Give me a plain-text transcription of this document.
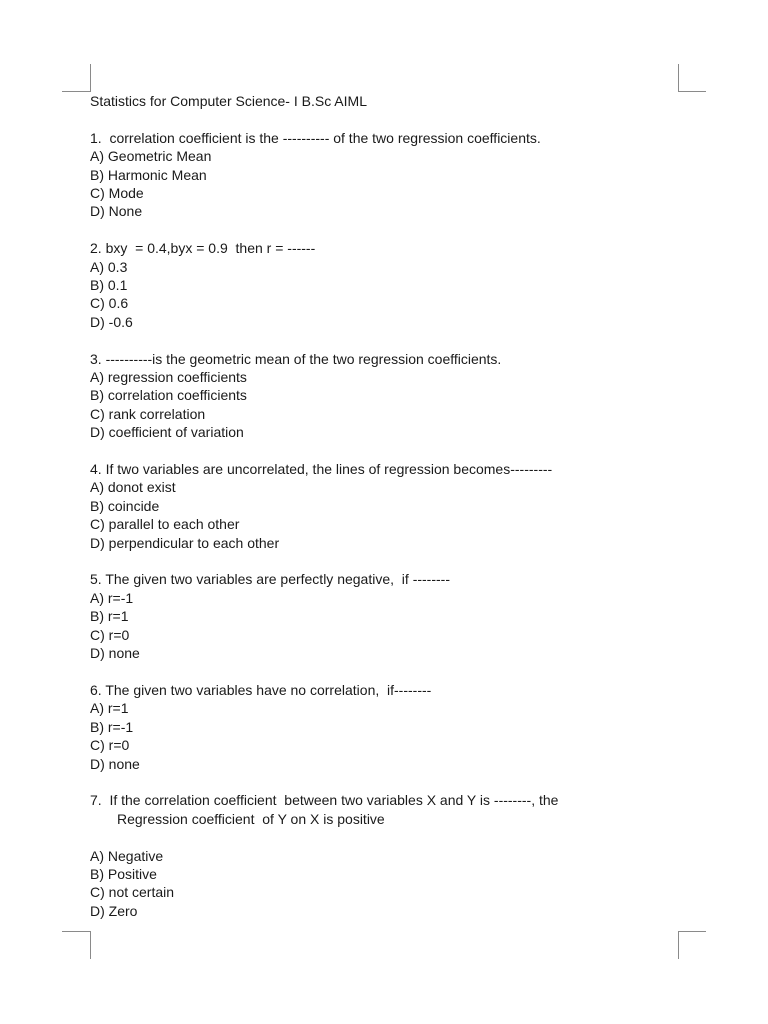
Statistics for Computer Science- I B.Sc AIML
1.  correlation coefficient is the ---------- of the two regression coefficients.
A) Geometric Mean
B) Harmonic Mean
C) Mode
D) None
2. bxy  = 0.4,byx = 0.9  then r = ------
A) 0.3
B) 0.1
C) 0.6
D) -0.6
3. ----------is the geometric mean of the two regression coefficients.
A) regression coefficients
B) correlation coefficients
C) rank correlation
D) coefficient of variation
4. If two variables are uncorrelated, the lines of regression becomes---------
A) donot exist
B) coincide
C) parallel to each other
D) perpendicular to each other
5. The given two variables are perfectly negative,  if --------
A) r=-1
B) r=1
C) r=0
D) none
6. The given two variables have no correlation,  if--------
A) r=1
B) r=-1
C) r=0
D) none
7.  If the correlation coefficient  between two variables X and Y is --------, the
Regression coefficient  of Y on X is positive
A) Negative
B) Positive
C) not certain
D) Zero
